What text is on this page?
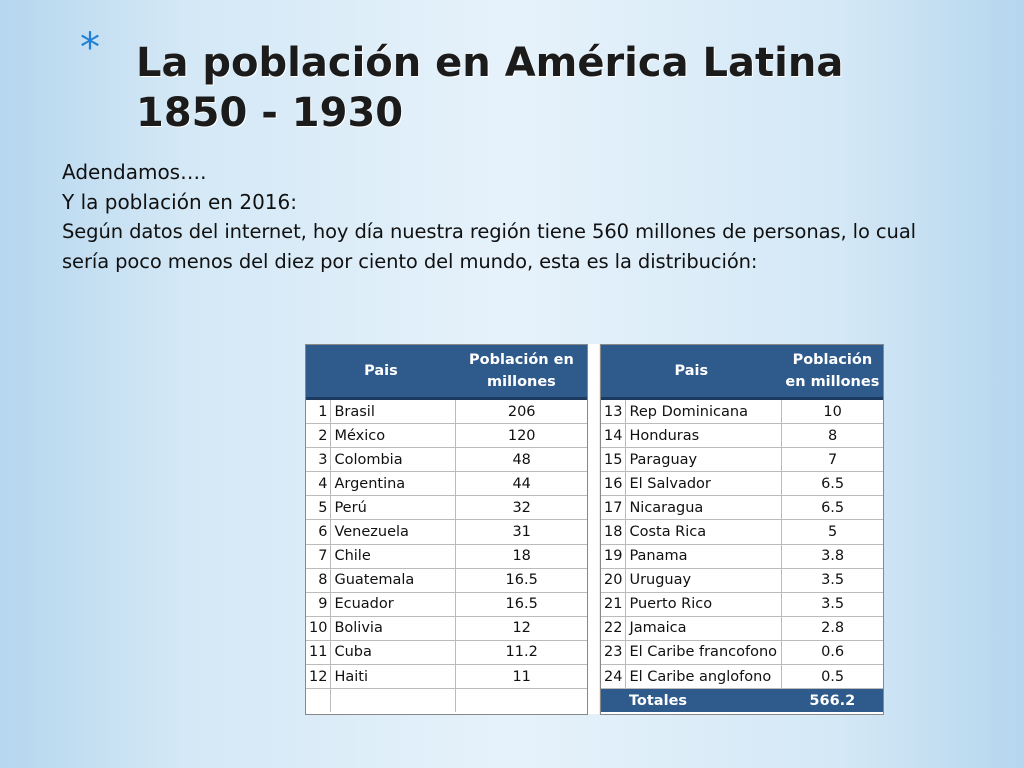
* La población en América Latina 1850 - 1930

Adendamos….

Y la población en 2016:

Según datos del internet, hoy día nuestra región tiene 560 millones de personas, lo cual sería poco menos del diez por ciento del mundo, esta es la distribución:

Pais		Población en millones
1	Brasil	206
2	México	120
3	Colombia	48
4	Argentina	44
5	Perú	32
6	Venezuela	31
7	Chile	18
8	Guatemala	16.5
9	Ecuador	16.5
10	Bolivia	12
11	Cuba	11.2
12	Haiti	11

Pais		Población en millones
13	Rep Dominicana	10
14	Honduras	8
15	Paraguay	7
16	El Salvador	6.5
17	Nicaragua	6.5
18	Costa Rica	5
19	Panama	3.8
20	Uruguay	3.5
21	Puerto Rico	3.5
22	Jamaica	2.8
23	El Caribe francofono	0.6
24	El Caribe anglofono	0.5
	Totales	566.2
